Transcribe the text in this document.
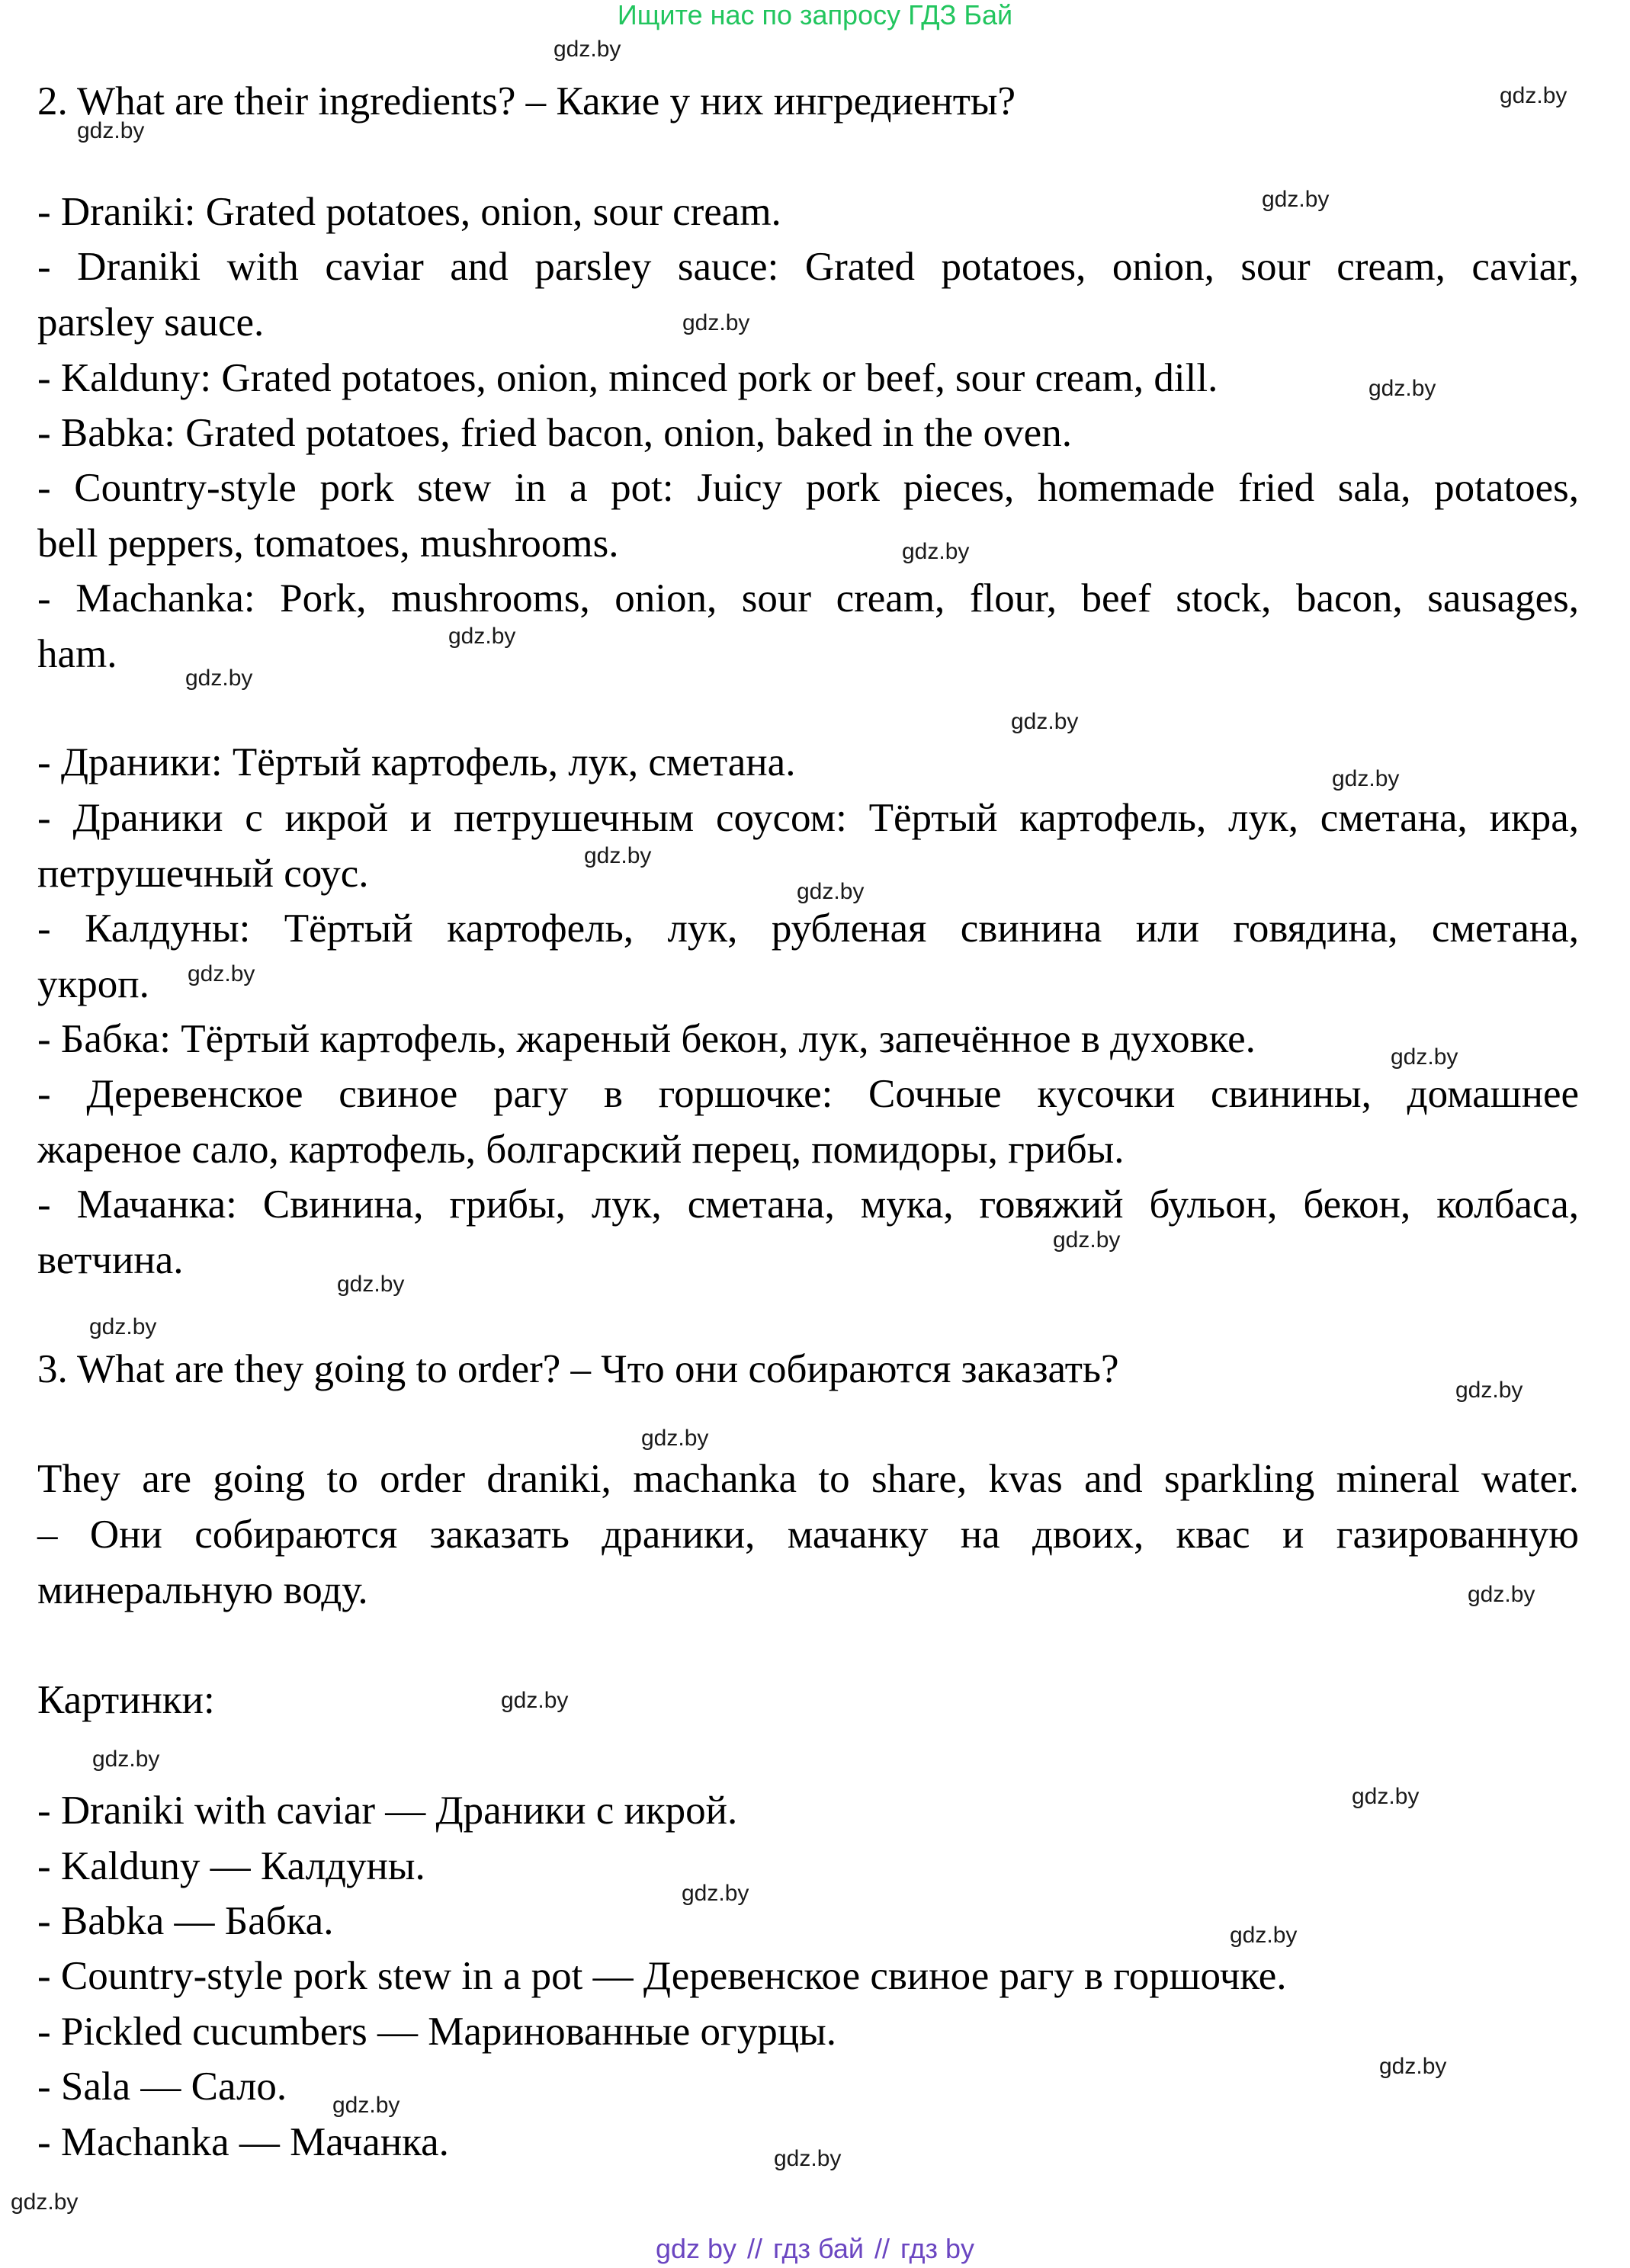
Ищите нас по запросу ГДЗ Бай
2. What are their ingredients? – Какие у них ингредиенты?
- Draniki: Grated potatoes, onion, sour cream.
- Draniki with caviar and parsley sauce: Grated potatoes, onion, sour cream, caviar,
parsley sauce.
- Kalduny: Grated potatoes, onion, minced pork or beef, sour cream, dill.
- Babka: Grated potatoes, fried bacon, onion, baked in the oven.
- Country-style pork stew in a pot: Juicy pork pieces, homemade fried sala, potatoes,
bell peppers, tomatoes, mushrooms.
- Machanka: Pork, mushrooms, onion, sour cream, flour, beef stock, bacon, sausages,
ham.
- Драники: Тёртый картофель, лук, сметана.
- Драники с икрой и петрушечным соусом: Тёртый картофель, лук, сметана, икра,
петрушечный соус.
- Калдуны: Тёртый картофель, лук, рубленая свинина или говядина, сметана,
укроп.
- Бабка: Тёртый картофель, жареный бекон, лук, запечённое в духовке.
- Деревенское свиное рагу в горшочке: Сочные кусочки свинины, домашнее
жареное сало, картофель, болгарский перец, помидоры, грибы.
- Мачанка: Свинина, грибы, лук, сметана, мука, говяжий бульон, бекон, колбаса,
ветчина.
3. What are they going to order? – Что они собираются заказать?
They are going to order draniki, machanka to share, kvas and sparkling mineral water.
– Они собираются заказать драники, мачанку на двоих, квас и газированную
минеральную воду.
Картинки:
- Draniki with caviar — Драники с икрой.
- Kalduny — Калдуны.
- Babka — Бабка.
- Country-style pork stew in a pot — Деревенское свиное рагу в горшочке.
- Pickled cucumbers — Маринованные огурцы.
- Sala — Сало.
- Machanka — Мачанка.
gdz.by
gdz.by
gdz.by
gdz.by
gdz.by
gdz.by
gdz.by
gdz.by
gdz.by
gdz.by
gdz.by
gdz.by
gdz.by
gdz.by
gdz.by
gdz.by
gdz.by
gdz.by
gdz.by
gdz.by
gdz.by
gdz.by
gdz.by
gdz.by
gdz.by
gdz.by
gdz.by
gdz.by
gdz.by
gdz.by
gdz by // гдз бай // гдз by
